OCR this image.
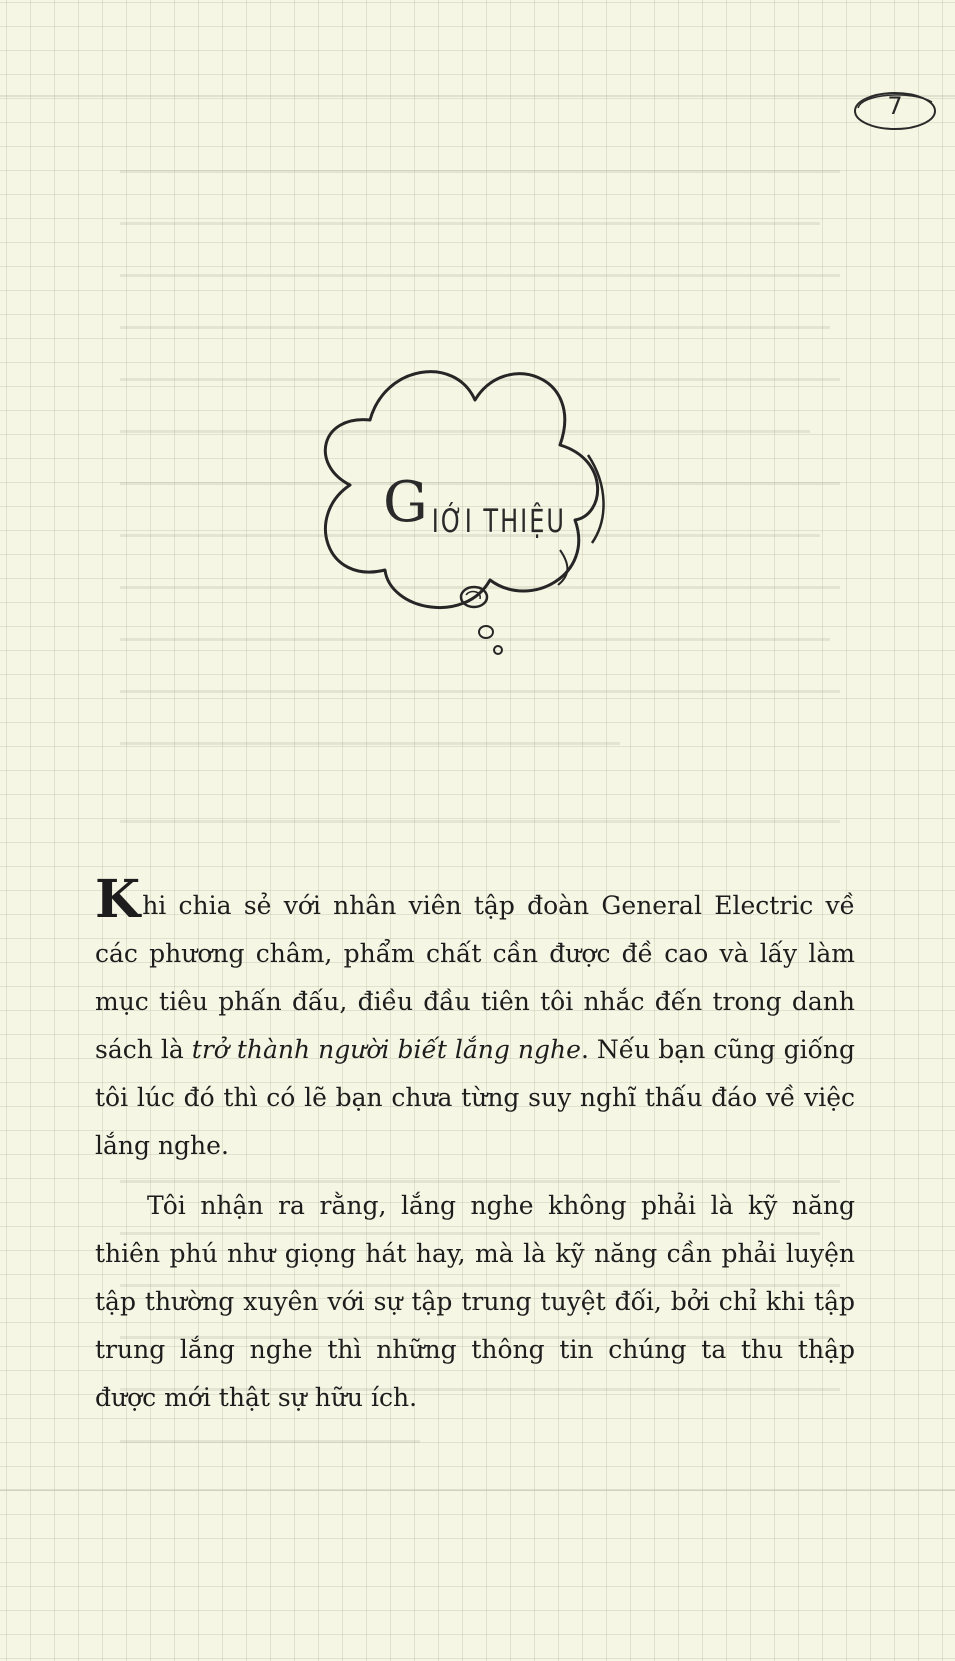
7
G IỚI THIỆU

Khi chia sẻ với nhân viên tập đoàn General Electric về các phương châm, phẩm chất cần được đề cao và lấy làm mục tiêu phấn đấu, điều đầu tiên tôi nhắc đến trong danh sách là trở thành người biết lắng nghe. Nếu bạn cũng giống tôi lúc đó thì có lẽ bạn chưa từng suy nghĩ thấu đáo về việc lắng nghe.

Tôi nhận ra rằng, lắng nghe không phải là kỹ năng thiên phú như giọng hát hay, mà là kỹ năng cần phải luyện tập thường xuyên với sự tập trung tuyệt đối, bởi chỉ khi tập trung lắng nghe thì những thông tin chúng ta thu thập được mới thật sự hữu ích.
